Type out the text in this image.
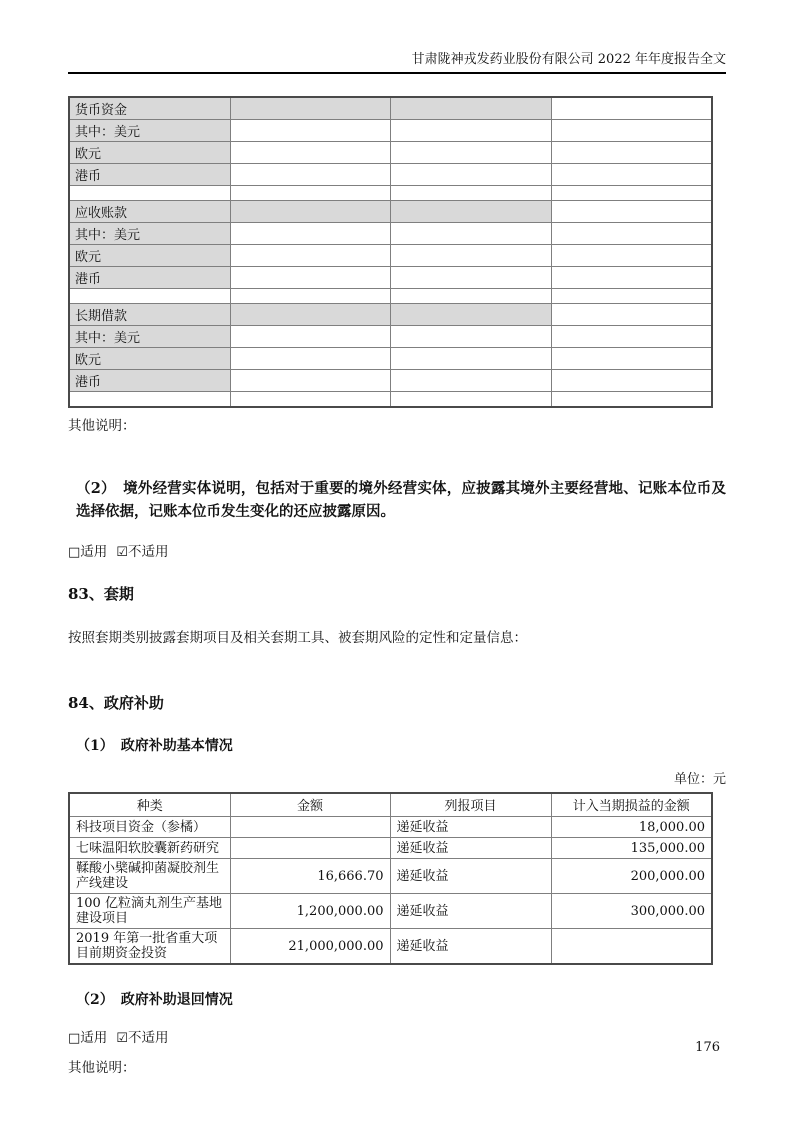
甘肃陇神戎发药业股份有限公司 2022 年年度报告全文
货币资金			
其中：美元			
欧元			
港币			

应收账款			
其中：美元			
欧元			
港币			

长期借款			
其中：美元			
欧元			
港币			

其他说明：

（2）　境外经营实体说明，包括对于重要的境外经营实体，应披露其境外主要经营地、记账本位币及选择依据，记账本位币发生变化的还应披露原因。

□适用 ☑不适用

83、套期

按照套期类别披露套期项目及相关套期工具、被套期风险的定性和定量信息：

84、政府补助

（1）　政府补助基本情况

单位：元

种类	金额	列报项目	计入当期损益的金额
科技项目资金（参橘）		递延收益	18,000.00
七味温阳软胶囊新药研究		递延收益	135,000.00
鞣酸小檗碱抑菌凝胶剂生产线建设	16,666.70	递延收益	200,000.00
100 亿粒滴丸剂生产基地建设项目	1,200,000.00	递延收益	300,000.00
2019 年第一批省重大项目前期资金投资	21,000,000.00	递延收益	

（2）　政府补助退回情况

□适用 ☑不适用

其他说明：

176
